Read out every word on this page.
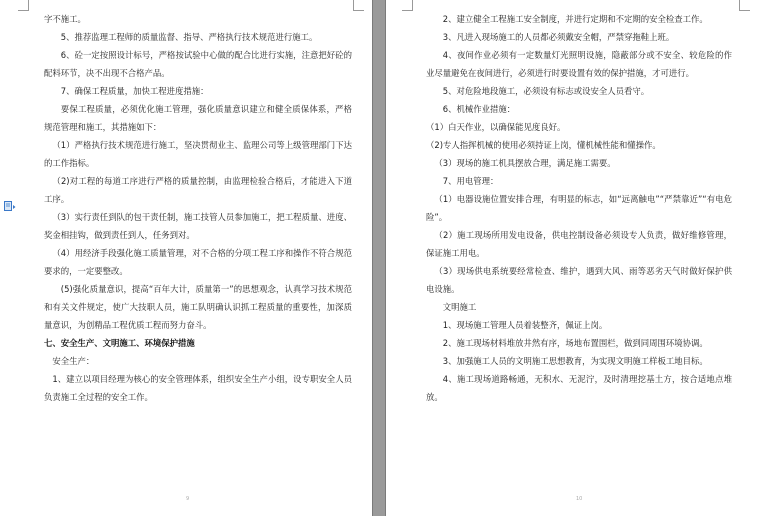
字不施工。

5、推荐监理工程师的质量监督、指导、严格执行技术规范进行施工。

6、砼一定按照设计标号，严格按试验中心做的配合比进行实施，注意把好砼的配料环节，决不出现不合格产品。

7、确保工程质量，加快工程进度措施：

要保工程质量，必须优化施工管理，强化质量意识建立和健全质保体系，严格规范管理和施工，其措施如下：

（1）严格执行技术规范进行施工，坚决贯彻业主、监理公司等上级管理部门下达的工作指标。

（2)对工程的每道工序进行严格的质量控制，由监理检验合格后，才能进入下道工序。

（3）实行责任到队的包干责任制，施工技管人员参加施工，把工程质量、进度、奖金相挂钩，做到责任到人，任务到对。

（4）用经济手段强化施工质量管理，对不合格的分项工程工序和操作不符合规范要求的，一定要整改。

(5)强化质量意识，提高“百年大计，质量第一”的思想观念，认真学习技术规范和有关文件规定，使广大技职人员，施工队明确认识抓工程质量的重要性，加深质量意识，为创精品工程优质工程而努力奋斗。

七、安全生产、文明施工、环境保护措施

安全生产：

1、建立以项目经理为核心的安全管理体系，组织安全生产小组，设专职安全人员负责施工全过程的安全工作。

9

2、建立健全工程施工安全制度，并进行定期和不定期的安全检查工作。

3、凡进入现场施工的人员都必须戴安全帽，严禁穿拖鞋上班。

4、夜间作业必须有一定数量灯光照明设施，隐蔽部分或不安全、较危险的作业尽量避免在夜间进行，必须进行时要设置有效的保护措施，才可进行。

5、对危险地段施工，必须设有标志或设安全人员看守。

6、机械作业措施：

（1）白天作业，以确保能见度良好。

（2)专人指挥机械的使用必须持证上岗，懂机械性能和懂操作。

（3）现场的施工机具摆放合理，满足施工需要。

7、用电管理：

（1）电器设施位置安排合理，有明显的标志，如“远离触电”“严禁靠近”“有电危险”。

（2）施工现场所用发电设备，供电控制设备必须设专人负责，做好维修管理，保证施工用电。

（3）现场供电系统要经常检查、维护，遇到大风、雨等恶劣天气时做好保护供电设施。

文明施工

1、现场施工管理人员着装整齐，佩证上岗。

2、施工现场材料堆放井然有序，场地布置围栏，做到同周围环境协调。

3、加强施工人员的文明施工思想教育，为实现文明施工样板工地目标。

4、施工现场道路畅通，无积水、无泥泞，及时清理挖基土方，按合适地点堆放。

10
